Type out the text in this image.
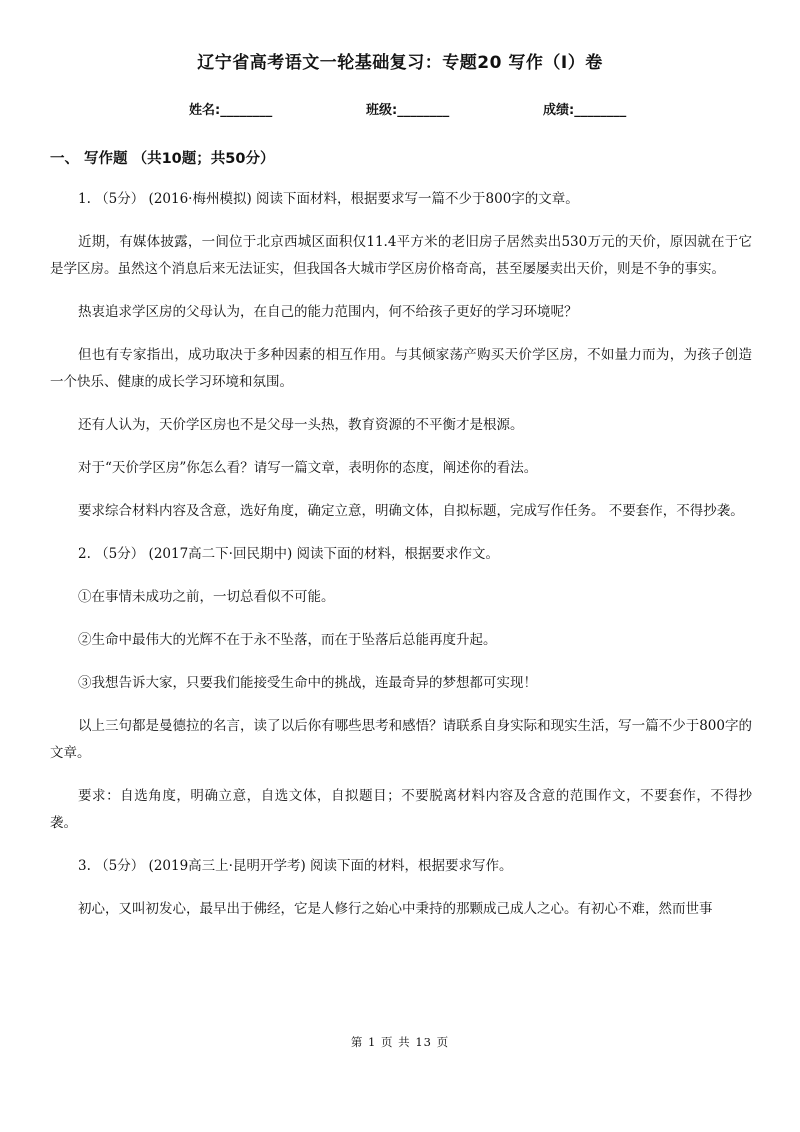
辽宁省高考语文一轮基础复习：专题20 写作（I）卷
姓名:________	班级:________	成绩:________
一、 写作题 （共10题；共50分）
1. （5分） (2016·梅州模拟) 阅读下面材料，根据要求写一篇不少于800字的文章。
近期，有媒体披露，一间位于北京西城区面积仅11.4平方米的老旧房子居然卖出530万元的天价，原因就在于它是学区房。虽然这个消息后来无法证实，但我国各大城市学区房价格奇高，甚至屡屡卖出天价，则是不争的事实。
热衷追求学区房的父母认为，在自己的能力范围内，何不给孩子更好的学习环境呢？
但也有专家指出，成功取决于多种因素的相互作用。与其倾家荡产购买天价学区房，不如量力而为，为孩子创造一个快乐、健康的成长学习环境和氛围。
还有人认为，天价学区房也不是父母一头热，教育资源的不平衡才是根源。
对于“天价学区房”你怎么看？请写一篇文章，表明你的态度，阐述你的看法。
要求综合材料内容及含意，选好角度，确定立意，明确文体，自拟标题，完成写作任务。 不要套作，不得抄袭。
2. （5分） (2017高二下·回民期中) 阅读下面的材料，根据要求作文。
①在事情未成功之前，一切总看似不可能。
②生命中最伟大的光辉不在于永不坠落，而在于坠落后总能再度升起。
③我想告诉大家，只要我们能接受生命中的挑战，连最奇异的梦想都可实现！
以上三句都是曼德拉的名言，读了以后你有哪些思考和感悟？请联系自身实际和现实生活，写一篇不少于800字的文章。
要求：自选角度，明确立意，自选文体，自拟题目；不要脱离材料内容及含意的范围作文，不要套作，不得抄袭。
3. （5分） (2019高三上·昆明开学考) 阅读下面的材料，根据要求写作。
初心，又叫初发心，最早出于佛经，它是人修行之始心中秉持的那颗成己成人之心。有初心不难，然而世事
第 1 页 共 13 页
